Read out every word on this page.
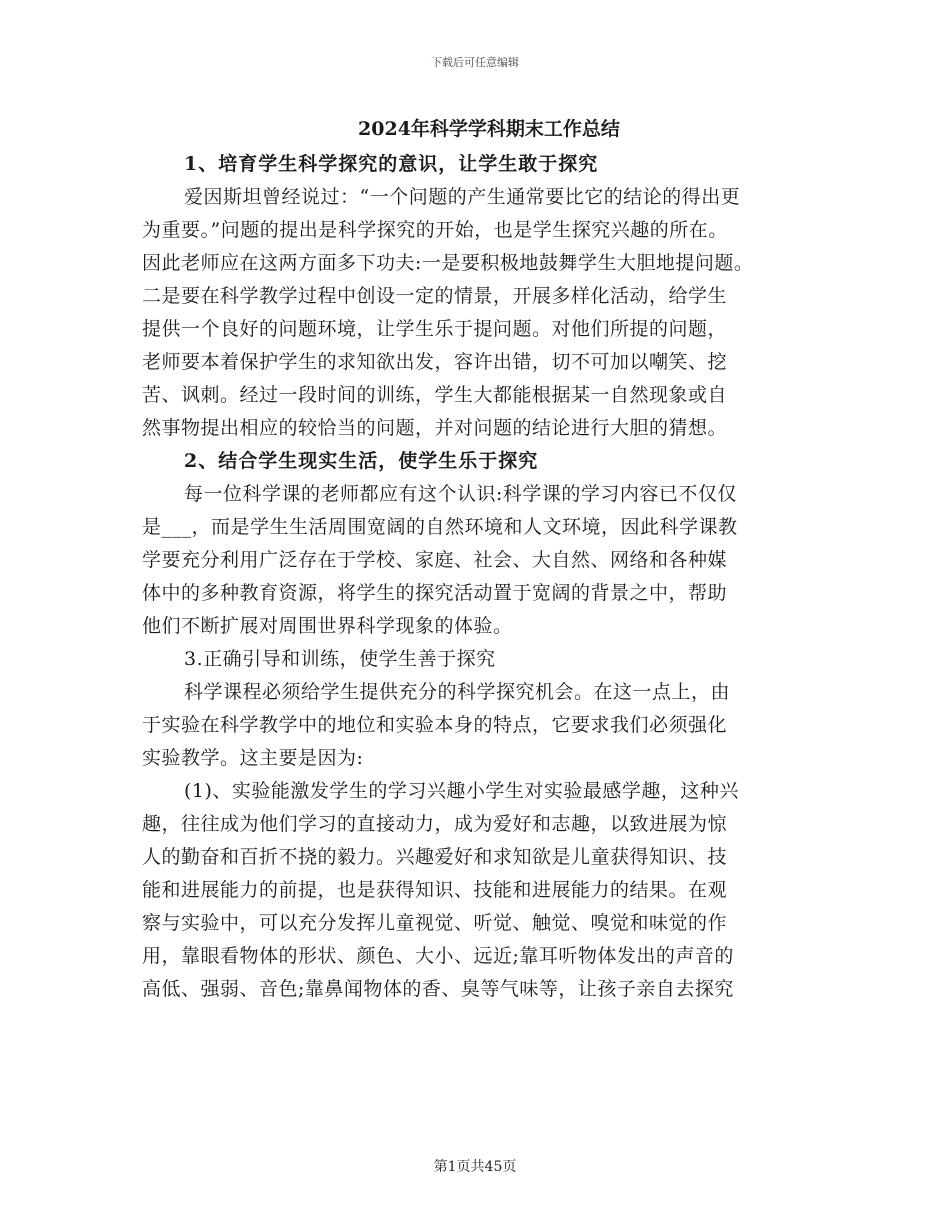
下载后可任意编辑
2024年科学学科期末工作总结
1、培育学生科学探究的意识，让学生敢于探究
爱因斯坦曾经说过：“一个问题的产生通常要比它的结论的得出更
为重要。”问题的提出是科学探究的开始，也是学生探究兴趣的所在。
因此老师应在这两方面多下功夫:一是要积极地鼓舞学生大胆地提问题。
二是要在科学教学过程中创设一定的情景，开展多样化活动，给学生
提供一个良好的问题环境，让学生乐于提问题。对他们所提的问题，
老师要本着保护学生的求知欲出发，容许出错，切不可加以嘲笑、挖
苦、讽刺。经过一段时间的训练，学生大都能根据某一自然现象或自
然事物提出相应的较恰当的问题，并对问题的结论进行大胆的猜想。
2、结合学生现实生活，使学生乐于探究
每一位科学课的老师都应有这个认识:科学课的学习内容已不仅仅
是___，而是学生生活周围宽阔的自然环境和人文环境，因此科学课教
学要充分利用广泛存在于学校、家庭、社会、大自然、网络和各种媒
体中的多种教育资源，将学生的探究活动置于宽阔的背景之中，帮助
他们不断扩展对周围世界科学现象的体验。
3.正确引导和训练，使学生善于探究
科学课程必须给学生提供充分的科学探究机会。在这一点上，由
于实验在科学教学中的地位和实验本身的特点，它要求我们必须强化
实验教学。这主要是因为:
(1)、实验能激发学生的学习兴趣小学生对实验最感学趣，这种兴
趣，往往成为他们学习的直接动力，成为爱好和志趣，以致进展为惊
人的勤奋和百折不挠的毅力。兴趣爱好和求知欲是儿童获得知识、技
能和进展能力的前提，也是获得知识、技能和进展能力的结果。在观
察与实验中，可以充分发挥儿童视觉、听觉、触觉、嗅觉和味觉的作
用，靠眼看物体的形状、颜色、大小、远近;靠耳听物体发出的声音的
高低、强弱、音色;靠鼻闻物体的香、臭等气味等，让孩子亲自去探究
第1页共45页
